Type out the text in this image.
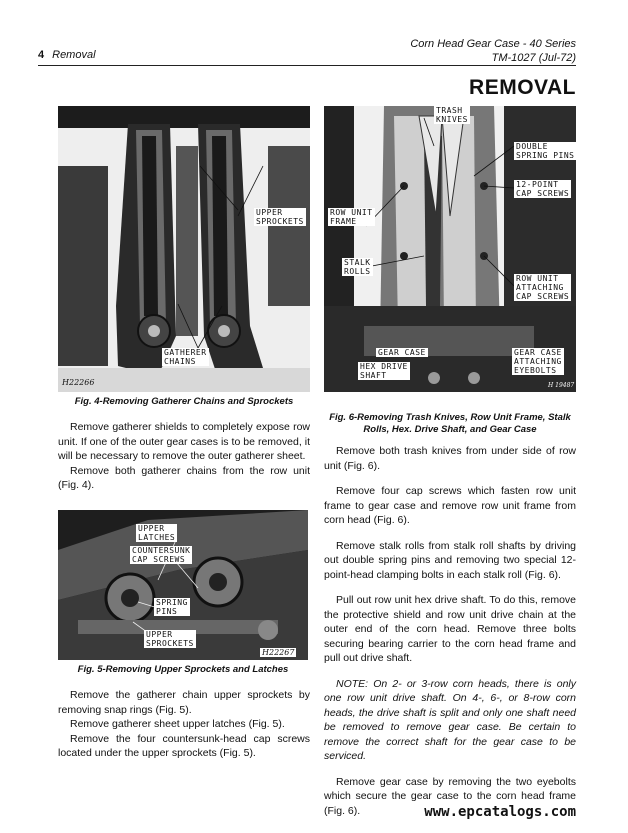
4 Removal
Corn Head Gear Case - 40 Series
TM-1027 (Jul-72)
REMOVAL
UPPER
SPROCKETS
GATHERER
CHAINS
H22266
Fig. 4-Removing Gatherer Chains and Sprockets

Remove gatherer shields to completely expose row unit. If one of the outer gear cases is to be removed, it will be necessary to remove the outer gatherer sheet.

Remove both gatherer chains from the row unit (Fig. 4).

UPPER
LATCHES
COUNTERSUNK
CAP SCREWS
SPRING
PINS
UPPER
SPROCKETS
H22267
Fig. 5-Removing Upper Sprockets and Latches

Remove the gatherer chain upper sprockets by removing snap rings (Fig. 5).

Remove gatherer sheet upper latches (Fig. 5).

Remove the four countersunk-head cap screws located under the upper sprockets (Fig. 5).

TRASH
KNIVES
DOUBLE
SPRING PINS
12-POINT
CAP SCREWS
ROW UNIT
FRAME
STALK
ROLLS
ROW UNIT
ATTACHING
CAP SCREWS
GEAR CASE	GEAR CASE
ATTACHING
EYEBOLTS
HEX DRIVE
SHAFT
H 19487
Fig. 6-Removing Trash Knives, Row Unit Frame, Stalk Rolls, Hex. Drive Shaft, and Gear Case

Remove both trash knives from under side of row unit (Fig. 6).

Remove four cap screws which fasten row unit frame to gear case and remove row unit frame from corn head (Fig. 6).

Remove stalk rolls from stalk roll shafts by driving out double spring pins and removing two special 12-point-head clamping bolts in each stalk roll (Fig. 6).

Pull out row unit hex drive shaft. To do this, remove the protective shield and row unit drive chain at the outer end of the corn head. Remove three bolts securing bearing carrier to the corn head frame and pull out drive shaft.

NOTE: On 2- or 3-row corn heads, there is only one row unit drive shaft. On 4-, 6-, or 8-row corn heads, the drive shaft is split and only one shaft need be removed to remove gear case. Be certain to remove the correct shaft for the gear case to be serviced.

Remove gear case by removing the two eyebolts which secure the gear case to the corn head frame (Fig. 6).	www.epcatalogs.com
